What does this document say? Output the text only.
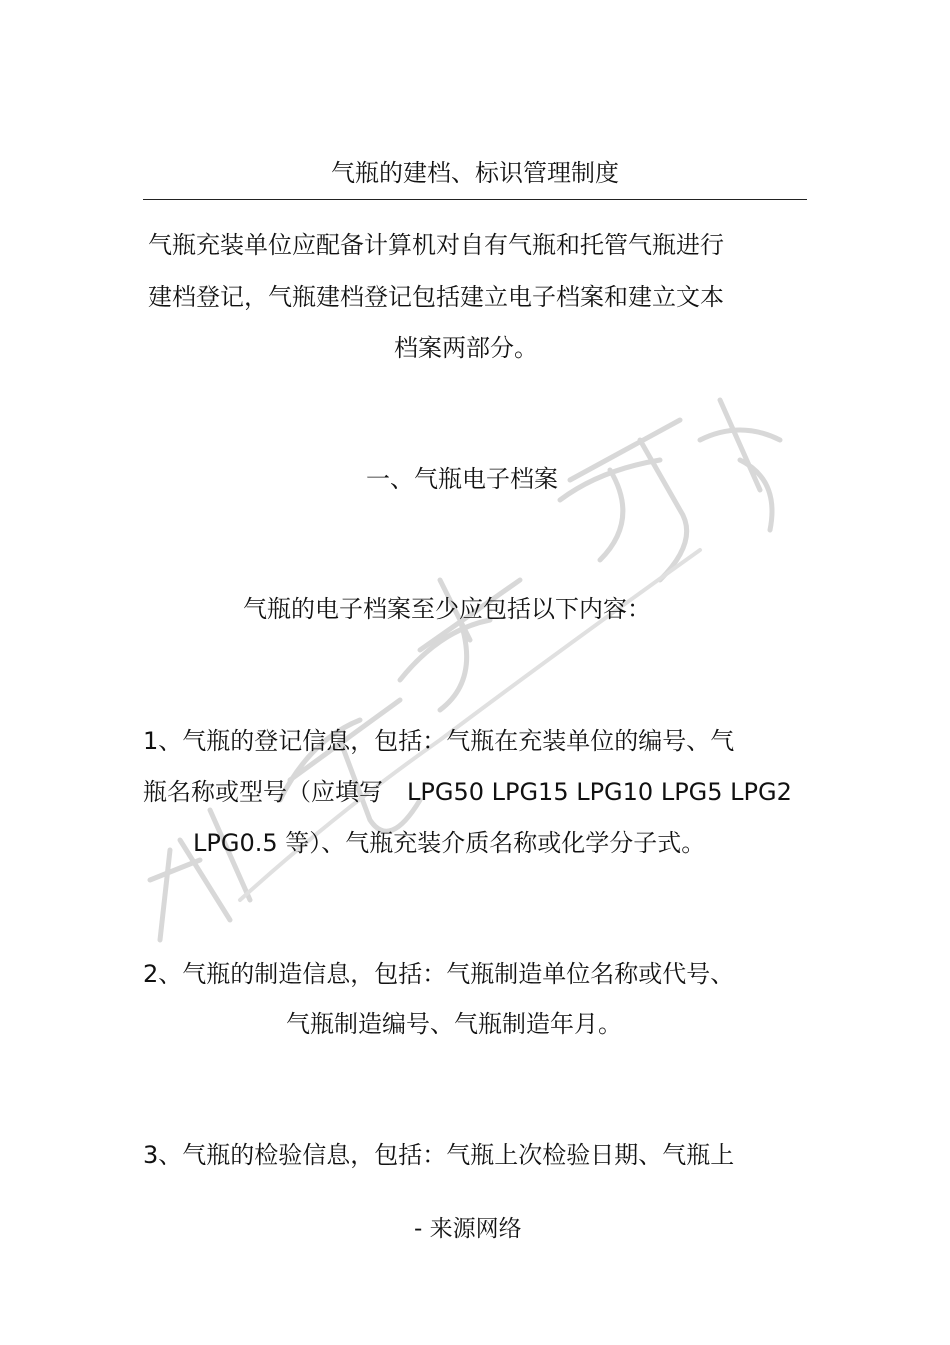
气瓶的建档、标识管理制度
气瓶充装单位应配备计算机对自有气瓶和托管气瓶进行
建档登记，气瓶建档登记包括建立电子档案和建立文本
档案两部分。
一、气瓶电子档案
气瓶的电子档案至少应包括以下内容：
1、气瓶的登记信息，包括：气瓶在充装单位的编号、气
瓶名称或型号（应填写　LPG50 LPG15 LPG10 LPG5 LPG2
LPG0.5 等）、气瓶充装介质名称或化学分子式。
2、气瓶的制造信息，包括：气瓶制造单位名称或代号、
气瓶制造编号、气瓶制造年月。
3、气瓶的检验信息，包括：气瓶上次检验日期、气瓶上
- 来源网络
